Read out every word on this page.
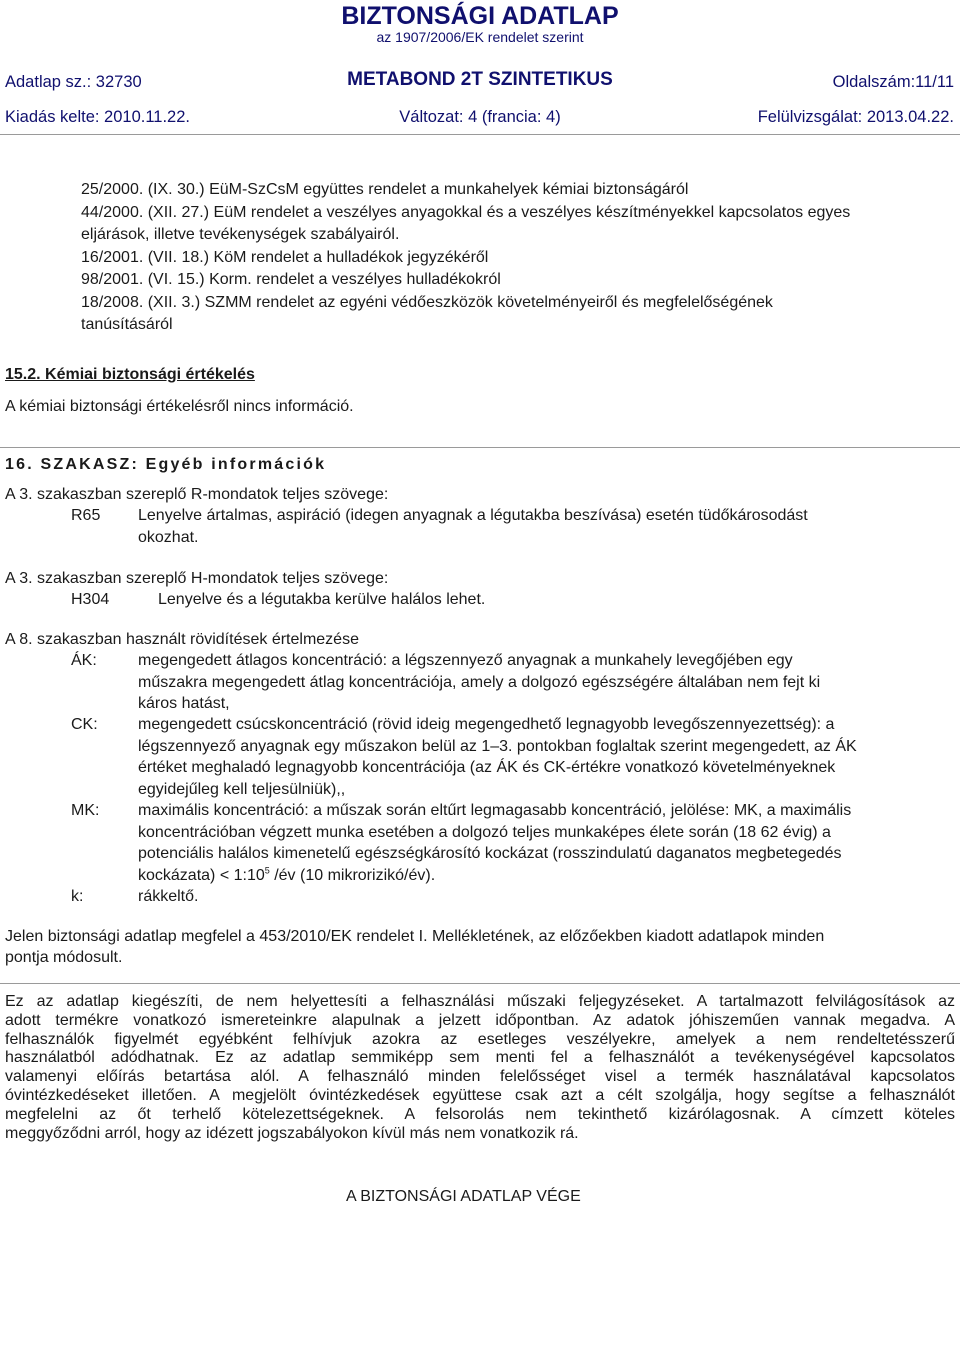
BIZTONSÁGI ADATLAP
az 1907/2006/EK rendelet szerint
Adatlap sz.: 32730	METABOND 2T SZINTETIKUS	Oldalszám:11/11
Kiadás kelte: 2010.11.22.	Változat: 4 (francia: 4)	Felülvizsgálat: 2013.04.22.
25/2000. (IX. 30.) EüM-SzCsM együttes rendelet a munkahelyek kémiai biztonságáról
44/2000. (XII. 27.) EüM rendelet a veszélyes anyagokkal és a veszélyes készítményekkel kapcsolatos egyes
eljárások, illetve tevékenységek szabályairól.
16/2001. (VII. 18.) KöM rendelet a hulladékok jegyzékéről
98/2001. (VI. 15.) Korm. rendelet a veszélyes hulladékokról
18/2008. (XII. 3.) SZMM rendelet az egyéni védőeszközök követelményeiről és megfelelőségének
tanúsításáról
15.2. Kémiai biztonsági értékelés
A kémiai biztonsági értékelésről nincs információ.
16. SZAKASZ: Egyéb információk
A 3. szakaszban szereplő R-mondatok teljes szövege:
R65 Lenyelve ártalmas, aspiráció (idegen anyagnak a légutakba beszívása) esetén tüdőkárosodást
okozhat.
A 3. szakaszban szereplő H-mondatok teljes szövege:
H304	Lenyelve és a légutakba kerülve halálos lehet.
A 8. szakaszban használt rövidítések értelmezése
ÁK:	megengedett átlagos koncentráció: a légszennyező anyagnak a munkahely levegőjében egy
műszakra megengedett átlag koncentrációja, amely a dolgozó egészségére általában nem fejt ki
káros hatást,
CK:	megengedett csúcskoncentráció (rövid ideig megengedhető legnagyobb levegőszennyezettség): a
légszennyező anyagnak egy műszakon belül az 1–3. pontokban foglaltak szerint megengedett, az ÁK
értéket meghaladó legnagyobb koncentrációja (az ÁK és CK-értékre vonatkozó követelményeknek
egyidejűleg kell teljesülniük),,
MK: maximális koncentráció: a műszak során eltűrt legmagasabb koncentráció, jelölése: MK, a maximális
koncentrációban végzett munka esetében a dolgozó teljes munkaképes élete során (18 62 évig) a
potenciális halálos kimenetelű egészségkárosító kockázat (rosszindulatú daganatos megbetegedés
kockázata) < $1:10^5$ /év (10 mikrorizikó/év).
k:	rákkeltő.
Jelen biztonsági adatlap megfelel a 453/2010/EK rendelet I. Mellékletének, az előzőekben kiadott adatlapok minden
pontja módosult.

Ez az adatlap kiegészíti, de nem helyettesíti a felhasználási műszaki feljegyzéseket. A tartalmazott felvilágosítások az

adott termékre vonatkozó ismereteinkre alapulnak a jelzett időpontban. Az adatok jóhiszeműen vannak megadva. A

felhasználók figyelmét egyébként felhívjuk azokra az esetleges veszélyekre, amelyek a nem rendeltetésszerű

használatból adódhatnak. Ez az adatlap semmiképp sem menti fel a felhasználót a tevékenységével kapcsolatos

valamenyi előírás betartása alól. A felhasználó minden felelősséget visel a termék használatával kapcsolatos

óvintézkedéseket illetően. A megjelölt óvintézkedések együttese csak azt a célt szolgálja, hogy segítse a felhasználót

megfelelni az őt terhelő kötelezettségeknek. A felsorolás nem tekinthető kizárólagosnak. A címzett köteles

meggyőződni arról, hogy az idézett jogszabályokon kívül más nem vonatkozik rá.

A BIZTONSÁGI ADATLAP VÉGE
